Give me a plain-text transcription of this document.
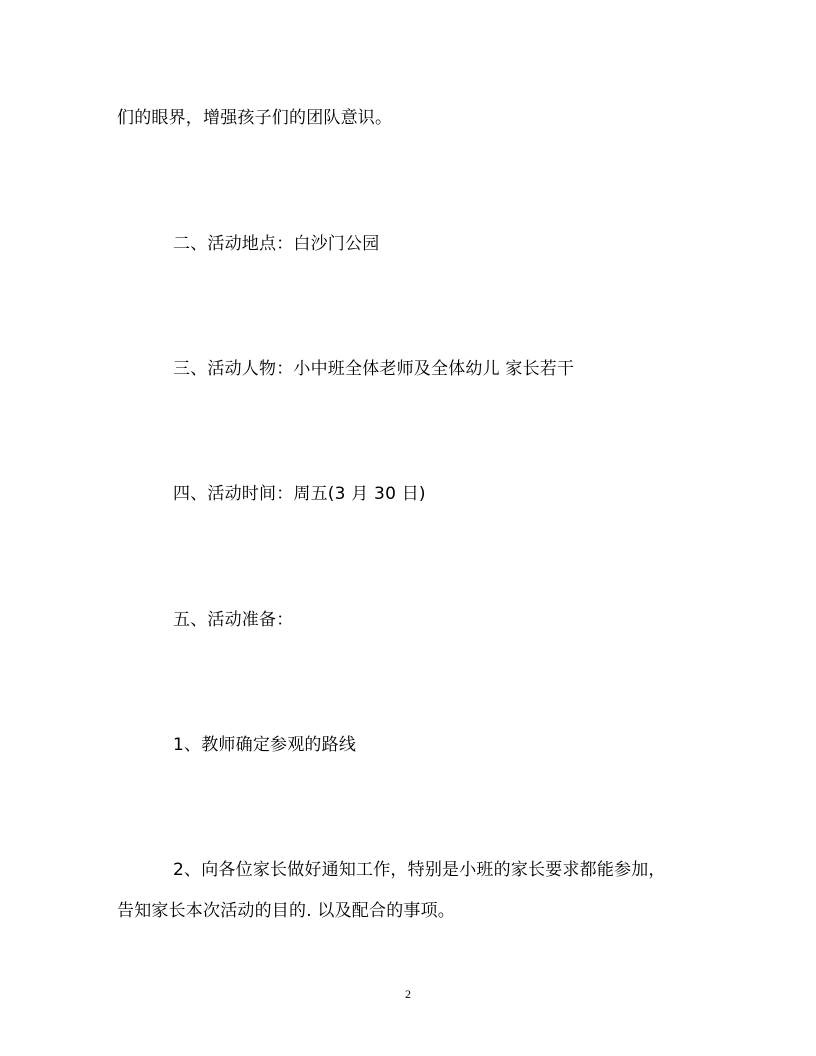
们的眼界，增强孩子们的团队意识。
二、活动地点：白沙门公园
三、活动人物：小中班全体老师及全体幼儿 家长若干
四、活动时间：周五(3 月 30 日)
五、活动准备：
1、教师确定参观的路线
2、向各位家长做好通知工作，特别是小班的家长要求都能参加，
告知家长本次活动的目的. 以及配合的事项。
2
